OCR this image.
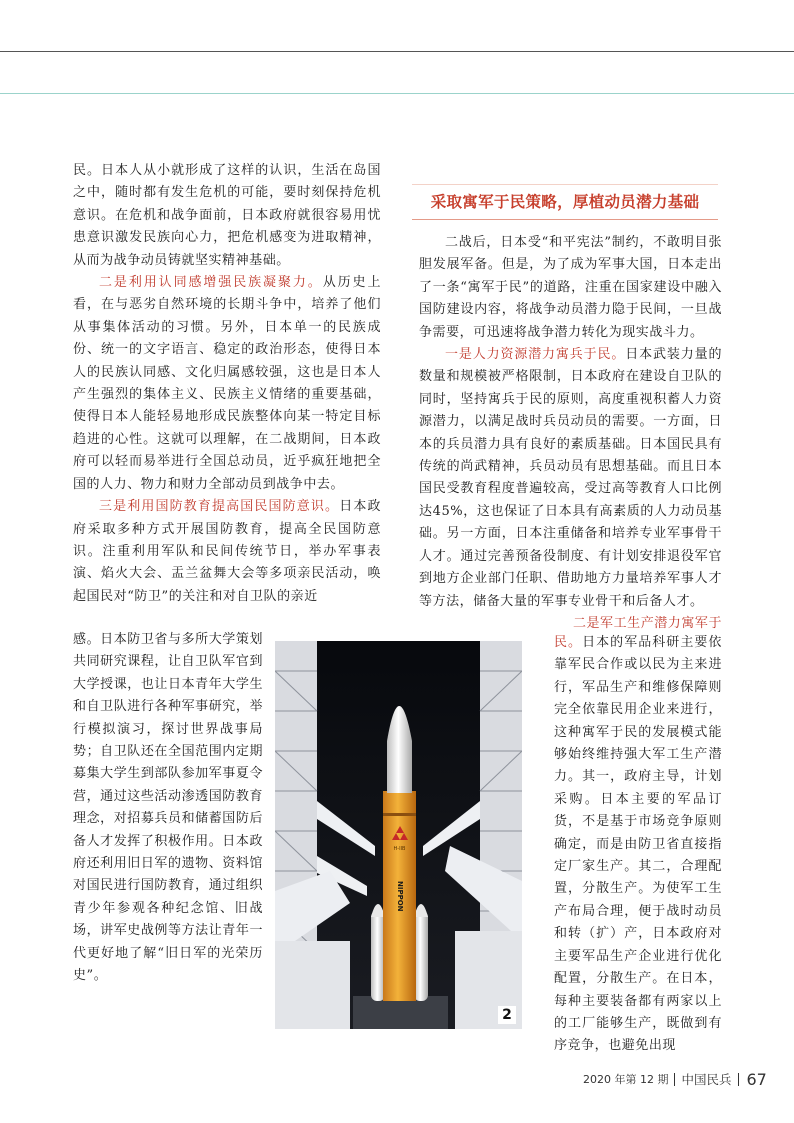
民。日本人从小就形成了这样的认识，生活在岛国之中，随时都有发生危机的可能，要时刻保持危机意识。在危机和战争面前，日本政府就很容易用忧患意识激发民族向心力，把危机感变为进取精神，从而为战争动员铸就坚实精神基础。

二是利用认同感增强民族凝聚力。从历史上看，在与恶劣自然环境的长期斗争中，培养了他们从事集体活动的习惯。另外，日本单一的民族成份、统一的文字语言、稳定的政治形态，使得日本人的民族认同感、文化归属感较强，这也是日本人产生强烈的集体主义、民族主义情绪的重要基础，使得日本人能轻易地形成民族整体向某一特定目标趋进的心性。这就可以理解，在二战期间，日本政府可以轻而易举进行全国总动员，近乎疯狂地把全国的人力、物力和财力全部动员到战争中去。

三是利用国防教育提高国民国防意识。日本政府采取多种方式开展国防教育，提高全民国防意识。注重利用军队和民间传统节日，举办军事表演、焰火大会、盂兰盆舞大会等多项亲民活动，唤起国民对“防卫”的关注和对自卫队的亲近

感。日本防卫省与多所大学策划共同研究课程，让自卫队军官到大学授课，也让日本青年大学生和自卫队进行各种军事研究，举行模拟演习，探讨世界战事局势；自卫队还在全国范围内定期募集大学生到部队参加军事夏令营，通过这些活动渗透国防教育理念，对招募兵员和储蓄国防后备人才发挥了积极作用。日本政府还利用旧日军的遗物、资料馆对国民进行国防教育，通过组织青少年参观各种纪念馆、旧战场，讲军史战例等方法让青年一代更好地了解“旧日军的光荣历史”。

采取寓军于民策略，厚植动员潜力基础

二战后，日本受“和平宪法”制约，不敢明目张胆发展军备。但是，为了成为军事大国，日本走出了一条“寓军于民”的道路，注重在国家建设中融入国防建设内容，将战争动员潜力隐于民间，一旦战争需要，可迅速将战争潜力转化为现实战斗力。

一是人力资源潜力寓兵于民。日本武装力量的数量和规模被严格限制，日本政府在建设自卫队的同时，坚持寓兵于民的原则，高度重视积蓄人力资源潜力，以满足战时兵员动员的需要。一方面，日本的兵员潜力具有良好的素质基础。日本国民具有传统的尚武精神，兵员动员有思想基础。而且日本国民受教育程度普遍较高，受过高等教育人口比例达45%，这也保证了日本具有高素质的人力动员基础。另一方面，日本注重储备和培养专业军事骨干人才。通过完善预备役制度、有计划安排退役军官到地方企业部门任职、借助地方力量培养军事人才等方法，储备大量的军事专业骨干和后备人才。

二是军工生产潜力寓军于

民。日本的军品科研主要依靠军民合作或以民为主来进行，军品生产和维修保障则完全依靠民用企业来进行，这种寓军于民的发展模式能够始终维持强大军工生产潜力。其一，政府主导，计划采购。日本主要的军品订货，不是基于市场竞争原则确定，而是由防卫省直接指定厂家生产。其二，合理配置，分散生产。为使军工生产布局合理，便于战时动员和转（扩）产，日本政府对主要军品生产企业进行优化配置，分散生产。在日本，每种主要装备都有两家以上的工厂能够生产，既做到有序竞争，也避免出现

H-IIB
NIPPON
2
2020 年第 12 期 中国民兵 67
